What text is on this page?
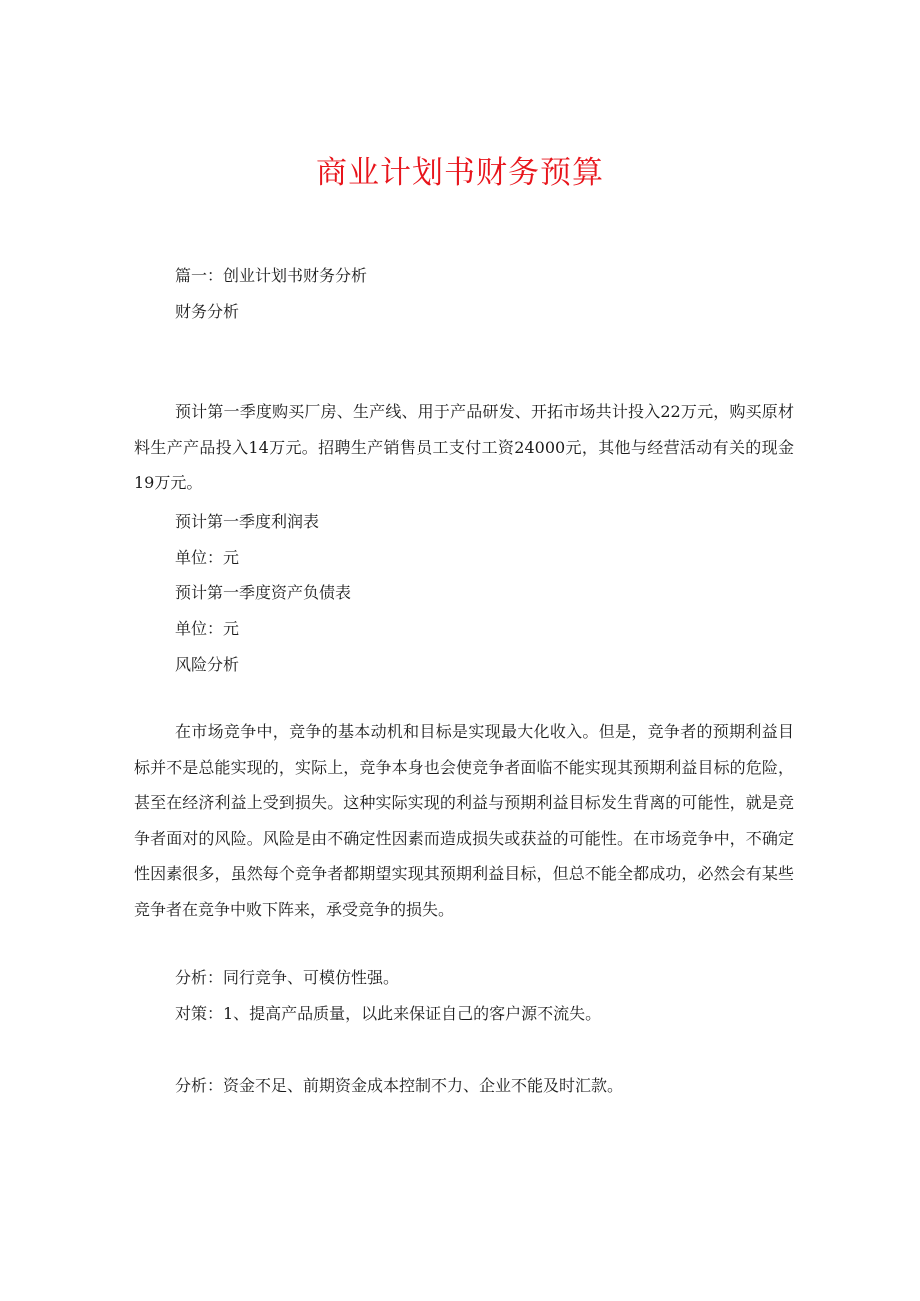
商业计划书财务预算
篇一：创业计划书财务分析
财务分析
预计第一季度购买厂房、生产线、用于产品研发、开拓市场共计投入22万元，购买原材料生产产品投入14万元。招聘生产销售员工支付工资24000元，其他与经营活动有关的现金19万元。
预计第一季度利润表
单位：元
预计第一季度资产负债表
单位：元
风险分析
在市场竞争中，竞争的基本动机和目标是实现最大化收入。但是，竞争者的预期利益目标并不是总能实现的，实际上，竞争本身也会使竞争者面临不能实现其预期利益目标的危险，甚至在经济利益上受到损失。这种实际实现的利益与预期利益目标发生背离的可能性，就是竞争者面对的风险。风险是由不确定性因素而造成损失或获益的可能性。在市场竞争中，不确定性因素很多，虽然每个竞争者都期望实现其预期利益目标，但总不能全都成功，必然会有某些竞争者在竞争中败下阵来，承受竞争的损失。
分析：同行竞争、可模仿性强。
对策：1、提高产品质量，以此来保证自己的客户源不流失。
分析：资金不足、前期资金成本控制不力、企业不能及时汇款。
